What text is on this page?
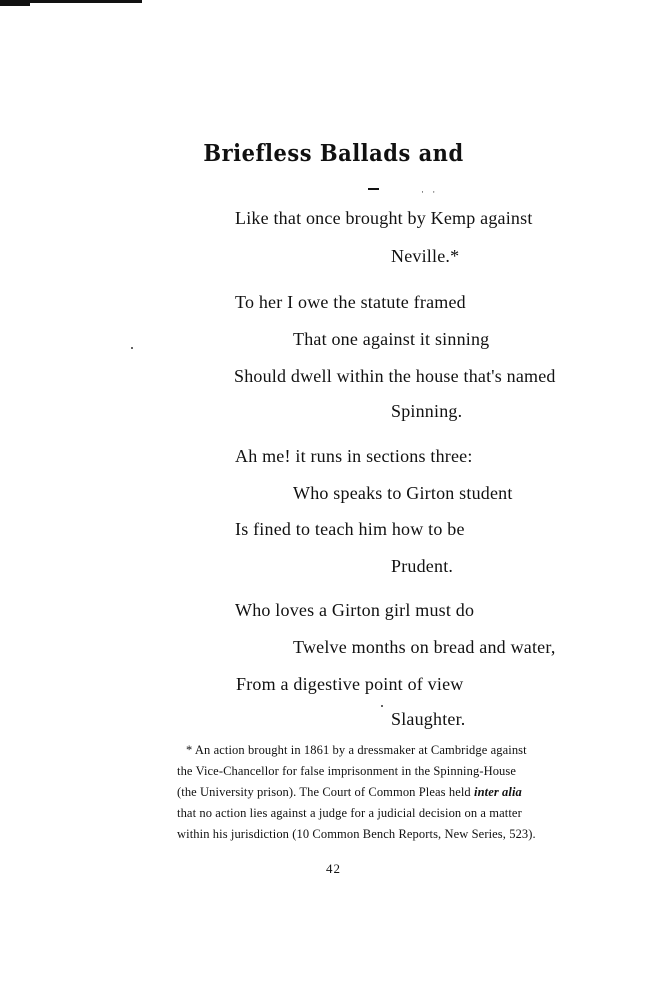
Briefless Ballads and
· ·
Like that once brought by Kemp against
Neville.*
To her I owe the statute framed
That one against it sinning
Should dwell within the house that's named
Spinning.
Ah me! it runs in sections three:
Who speaks to Girton student
Is fined to teach him how to be
Prudent.
Who loves a Girton girl must do
Twelve months on bread and water,
From a digestive point of view
Slaughter.
* An action brought in 1861 by a dressmaker at Cambridge against
the Vice-Chancellor for false imprisonment in the Spinning-House
(the University prison). The Court of Common Pleas held inter alia
that no action lies against a judge for a judicial decision on a matter
within his jurisdiction (10 Common Bench Reports, New Series, 523).
42
